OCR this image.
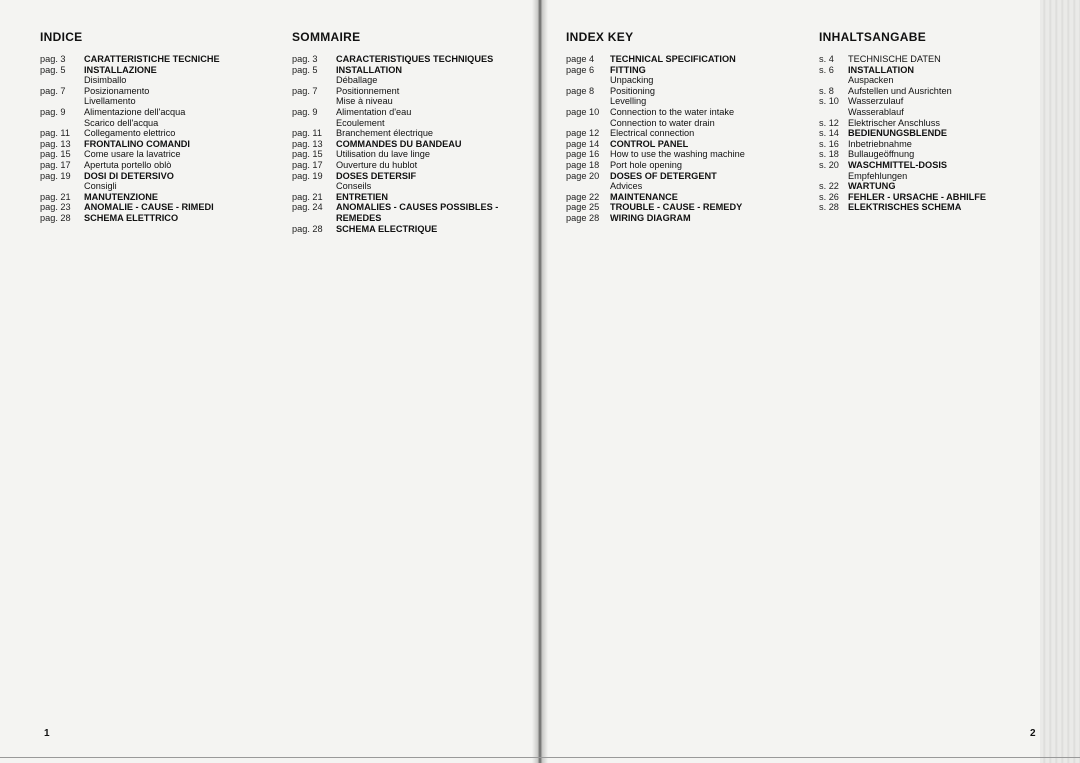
INDICE
pag. 3	CARATTERISTICHE TECNICHE
pag. 5	INSTALLAZIONE
Disimballo
pag. 7	Posizionamento
Livellamento
pag. 9	Alimentazione dell'acqua
Scarico dell'acqua
pag. 11	Collegamento elettrico
pag. 13	FRONTALINO COMANDI
pag. 15	Come usare la lavatrice
pag. 17	Apertuta portello oblò
pag. 19	DOSI DI DETERSIVO
Consigli
pag. 21	MANUTENZIONE
pag. 23	ANOMALIE - CAUSE - RIMEDI
pag. 28	SCHEMA ELETTRICO
SOMMAIRE
pag. 3	CARACTERISTIQUES TECHNIQUES
pag. 5	INSTALLATION
Déballage
pag. 7	Positionnement
Mise à niveau
pag. 9	Alimentation d'eau
Ecoulement
pag. 11	Branchement électrique
pag. 13	COMMANDES DU BANDEAU
pag. 15	Utilisation du lave linge
pag. 17	Ouverture du hublot
pag. 19	DOSES DETERSIF
Conseils
pag. 21	ENTRETIEN
pag. 24	ANOMALIES - CAUSES POSSIBLES -
REMEDES
pag. 28	SCHEMA ELECTRIQUE
INDEX KEY
page 4	TECHNICAL SPECIFICATION
page 6	FITTING
Unpacking
page 8	Positioning
Levelling
page 10	Connection to the water intake
Connection to water drain
page 12	Electrical connection
page 14	CONTROL PANEL
page 16	How to use the washing machine
page 18	Port hole opening
page 20	DOSES OF DETERGENT
Advices
page 22	MAINTENANCE
page 25	TROUBLE - CAUSE - REMEDY
page 28	WIRING DIAGRAM
INHALTSANGABE
s. 4	TECHNISCHE DATEN
s. 6	INSTALLATION
Auspacken
s. 8	Aufstellen und Ausrichten
s. 10 Wasserzulauf
Wasserablauf
s. 12 Elektrischer Anschluss
s. 14 BEDIENUNGSBLENDE
s. 16 Inbetriebnahme
s. 18 Bullaugeöffnung
s. 20 WASCHMITTEL-DOSIS
Empfehlungen
s. 22 WARTUNG
s. 26 FEHLER - URSACHE - ABHILFE
s. 28 ELEKTRISCHES SCHEMA
1	2
